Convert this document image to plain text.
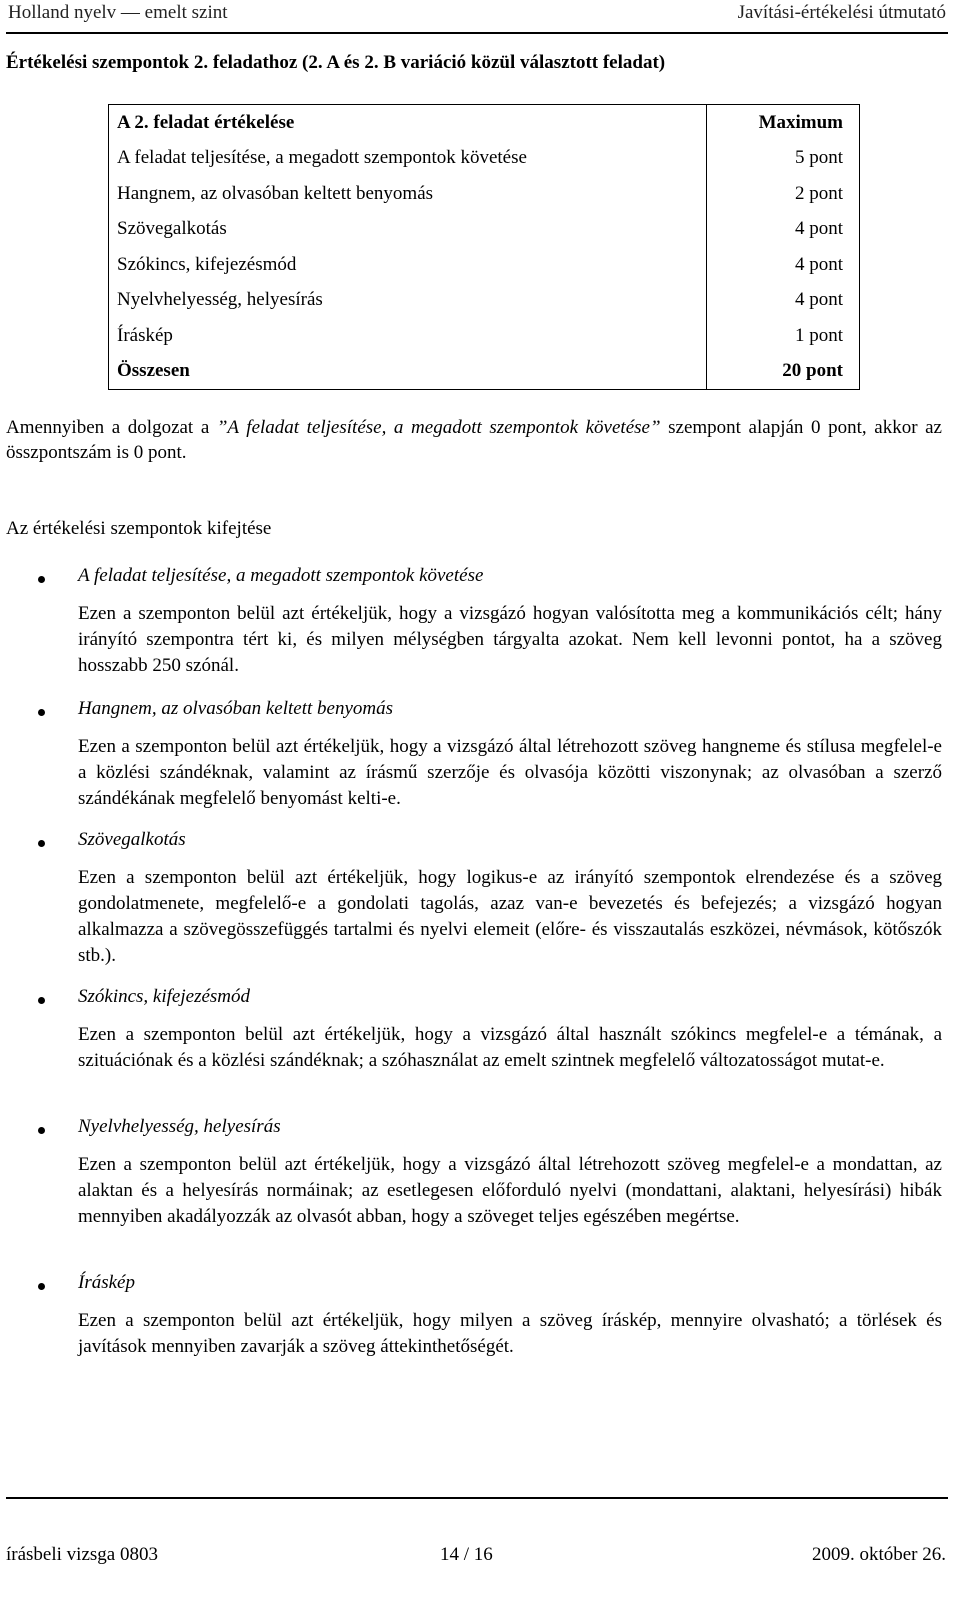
Holland nyelv — emelt szint	Javítási-értékelési útmutató
Értékelési szempontok 2. feladathoz (2. A és 2. B variáció közül választott feladat)
A 2. feladat értékelése	Maximum
A feladat teljesítése, a megadott szempontok követése	5 pont
Hangnem, az olvasóban keltett benyomás	2 pont
Szövegalkotás	4 pont
Szókincs, kifejezésmód	4 pont
Nyelvhelyesség, helyesírás	4 pont
Íráskép	1 pont
Összesen	20 pont
Amennyiben a dolgozat a ”A feladat teljesítése, a megadott szempontok követése” szempont alapján 0 pont, akkor az összpontszám is 0 pont.
Az értékelési szempontok kifejtése
A feladat teljesítése, a megadott szempontok követése
Ezen a szemponton belül azt értékeljük, hogy a vizsgázó hogyan valósította meg a kommunikációs célt; hány irányító szempontra tért ki, és milyen mélységben tárgyalta azokat. Nem kell levonni pontot, ha a szöveg hosszabb 250 szónál.
Hangnem, az olvasóban keltett benyomás
Ezen a szemponton belül azt értékeljük, hogy a vizsgázó által létrehozott szöveg hangneme és stílusa megfelel-e a közlési szándéknak, valamint az írásmű szerzője és olvasója közötti viszonynak; az olvasóban a szerző szándékának megfelelő benyomást kelti-e.
Szövegalkotás
Ezen a szemponton belül azt értékeljük, hogy logikus-e az irányító szempontok elrendezése és a szöveg gondolatmenete, megfelelő-e a gondolati tagolás, azaz van-e bevezetés és befejezés; a vizsgázó hogyan alkalmazza a szövegösszefüggés tartalmi és nyelvi elemeit (előre- és visszautalás eszközei, névmások, kötőszók stb.).
Szókincs, kifejezésmód
Ezen a szemponton belül azt értékeljük, hogy a vizsgázó által használt szókincs megfelel-e a témának, a szituációnak és a közlési szándéknak; a szóhasználat az emelt szintnek megfelelő változatosságot mutat-e.
Nyelvhelyesség, helyesírás
Ezen a szemponton belül azt értékeljük, hogy a vizsgázó által létrehozott szöveg megfelel-e a mondattan, az alaktan és a helyesírás normáinak; az esetlegesen előforduló nyelvi (mondattani, alaktani, helyesírási) hibák mennyiben akadályozzák az olvasót abban, hogy a szöveget teljes egészében megértse.
Íráskép
Ezen a szemponton belül azt értékeljük, hogy milyen a szöveg íráskép, mennyire olvasható; a törlések és javítások mennyiben zavarják a szöveg áttekinthetőségét.
írásbeli vizsga 0803	14 / 16	2009. október 26.
